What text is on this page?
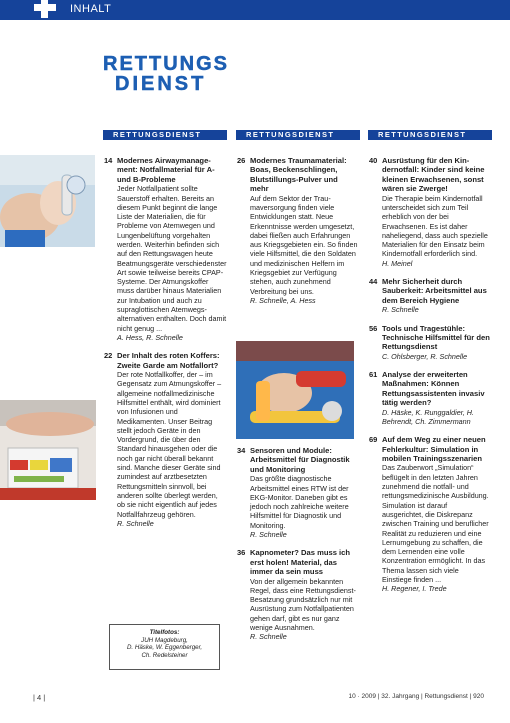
INHALT
RETTUNGS
DIENST
RETTUNGSDIENST	RETTUNGSDIENST	RETTUNGSDIENST
14 Modernes Airwaymanagement: Notfallmaterial für A- und B-Probleme
Jeder Notfallpatient sollte Sauerstoff erhalten. Bereits an diesem Punkt beginnt die lange Liste der Materialien, die für Probleme von Atemwegen und Lungenbelüftung vorgehalten werden. Weiterhin befinden sich auf den Rettungswagen heute Beatmungsgeräte verschiedenster Art sowie teilweise bereits CPAP-Systeme. Der Atmungskoffer muss darüber hinaus Materialien zur Intubation und auch zu supraglottischen Atemwegsalternativen enthalten. Doch damit nicht genug ...
A. Hess, R. Schnelle
22 Der Inhalt des roten Koffers: Zweite Garde am Notfallort?
Der rote Notfallkoffer, der – im Gegensatz zum Atmungskoffer – allgemeine notfallmedizinische Hilfsmittel enthält, wird dominiert von Infusionen und Medikamenten. Unser Beitrag stellt jedoch Geräte in den Vordergrund, die über den Standard hinausgehen oder die noch gar nicht überall bekannt sind. Manche dieser Geräte sind zumindest auf arztbesetzten Rettungsmitteln sinnvoll, bei anderen sollte überlegt werden, ob sie nicht eigentlich auf jedes Notfallfahrzeug gehören.
R. Schnelle
Titelfotos:
JUH Magdeburg,
D. Häske, W. Eggenberger,
Ch. Redelsteiner
26 Modernes Traumamaterial: Boas, Beckenschlingen, Blutstillungs-Pulver und mehr
Auf dem Sektor der Traumaversorgung finden viele Entwicklungen statt. Neue Erkenntnisse werden umgesetzt, dabei fließen auch Erfahrungen aus Kriegsgebieten ein. So finden viele Hilfsmittel, die den Soldaten und medizinischen Helfern im Kriegsgebiet zur Verfügung stehen, auch zunehmend Verbreitung bei uns.
R. Schnelle, A. Hess
34 Sensoren und Module: Arbeitsmittel für Diagnostik und Monitoring
Das größte diagnostische Arbeitsmittel eines RTW ist der EKG-Monitor. Daneben gibt es jedoch noch zahlreiche weitere Hilfsmittel für Diagnostik und Monitoring.
R. Schnelle
36 Kapnometer? Das muss ich erst holen! Material, das immer da sein muss
Von der allgemein bekannten Regel, dass eine Rettungsdienst-Besatzung grundsätzlich nur mit Ausrüstung zum Notfallpatienten gehen darf, gibt es nur ganz wenige Ausnahmen.
R. Schnelle
40 Ausrüstung für den Kindernotfall: Kinder sind keine kleinen Erwachsenen, sonst wären sie Zwerge!
Die Therapie beim Kindernotfall unterscheidet sich zum Teil erheblich von der bei Erwachsenen. Es ist daher naheliegend, dass auch spezielle Materialien für den Einsatz beim Kindernotfall erforderlich sind.
H. Meinel
44 Mehr Sicherheit durch Sauberkeit: Arbeitsmittel aus dem Bereich Hygiene
R. Schnelle
56 Tools und Tragestühle: Technische Hilfsmittel für den Rettungsdienst
C. Ohlsberger, R. Schnelle
61 Analyse der erweiterten Maßnahmen: Können Rettungsassistenten invasiv tätig werden?
D. Häske, K. Runggaldier, H. Behrendt, Ch. Zimmermann
69 Auf dem Weg zu einer neuen Fehlerkultur: Simulation in mobilen Trainingsszenarien
Das Zauberwort „Simulation“ beflügelt in den letzten Jahren zunehmend die notfall- und rettungsmedizinische Ausbildung. Simulation ist darauf ausgerichtet, die Diskrepanz zwischen Training und beruflicher Realität zu reduzieren und eine Lernumgebung zu schaffen, die dem Lernenden eine volle Konzentration ermöglicht. In das Thema lassen sich viele Einstiege finden ...
H. Regener, I. Trede
| 4 |	10 · 2009 | 32. Jahrgang | Rettungsdienst | 920
